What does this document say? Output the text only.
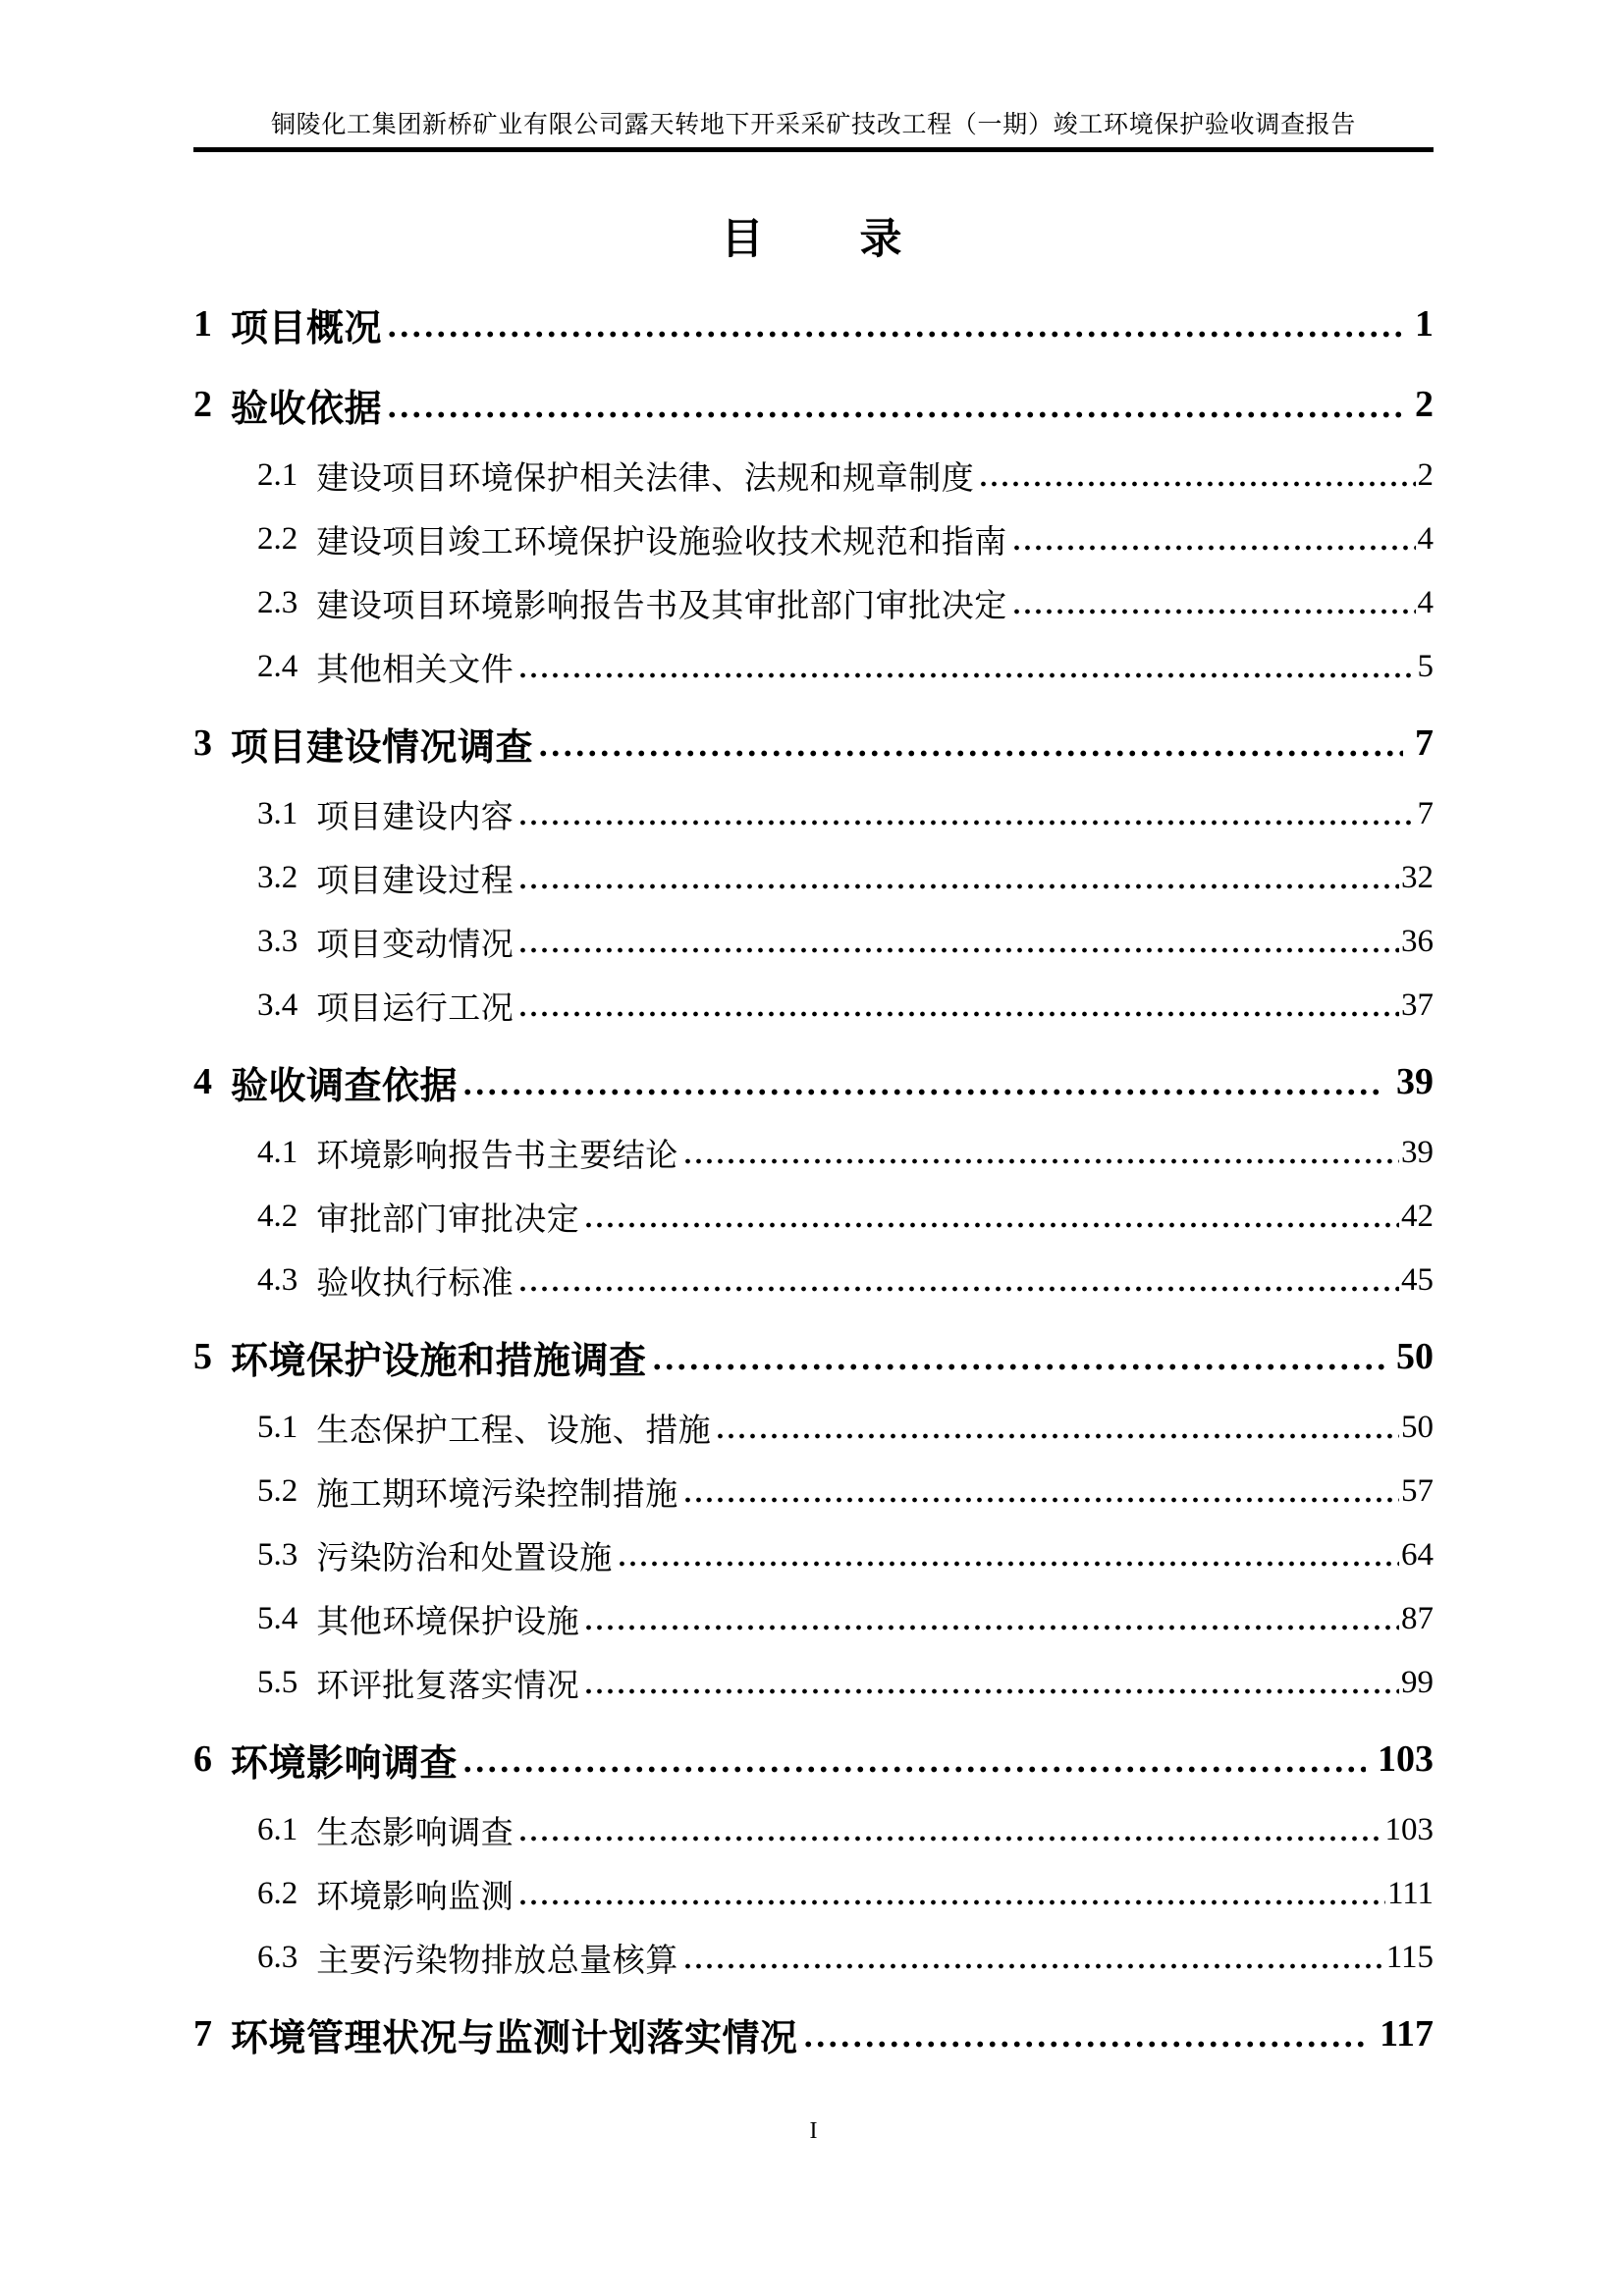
铜陵化工集团新桥矿业有限公司露天转地下开采采矿技改工程（一期）竣工环境保护验收调查报告
目　　录
1 项目概况	1
2 验收依据	2
2.1 建设项目环境保护相关法律、法规和规章制度	2
2.2 建设项目竣工环境保护设施验收技术规范和指南	4
2.3 建设项目环境影响报告书及其审批部门审批决定	4
2.4 其他相关文件	5
3 项目建设情况调查	7
3.1 项目建设内容	7
3.2 项目建设过程	32
3.3 项目变动情况	36
3.4 项目运行工况	37
4 验收调查依据	39
4.1 环境影响报告书主要结论	39
4.2 审批部门审批决定	42
4.3 验收执行标准	45
5 环境保护设施和措施调查	50
5.1 生态保护工程、设施、措施	50
5.2 施工期环境污染控制措施	57
5.3 污染防治和处置设施	64
5.4 其他环境保护设施	87
5.5 环评批复落实情况	99
6 环境影响调查	103
6.1 生态影响调查	103
6.2 环境影响监测	111
6.3 主要污染物排放总量核算	115
7 环境管理状况与监测计划落实情况	117
I
